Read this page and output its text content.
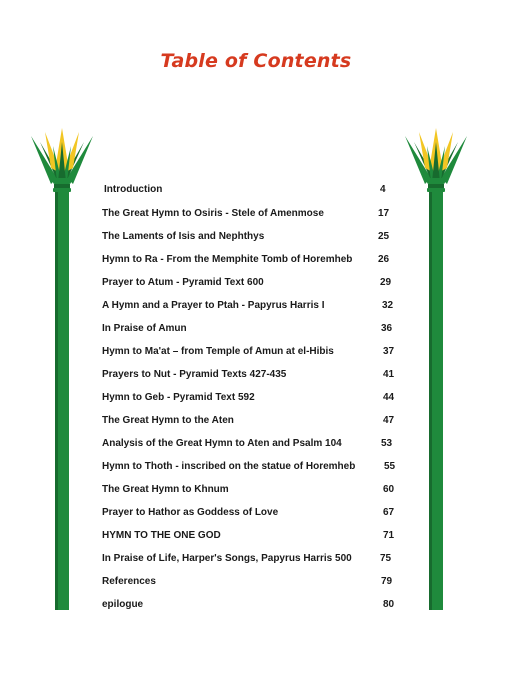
Table of Contents
Introduction	4
The Great Hymn to Osiris - Stele of Amenmose	17
The Laments of Isis and Nephthys	25
Hymn to Ra - From the Memphite Tomb of Horemheb	26
Prayer to Atum - Pyramid Text 600	29
A Hymn and a Prayer to Ptah - Papyrus Harris I	32
In Praise of Amun	36
Hymn to Ma'at – from Temple of Amun at el-Hibis	37
Prayers to Nut - Pyramid Texts 427-435	41
Hymn to Geb - Pyramid Text 592	44
The Great Hymn to the Aten	47
Analysis of the Great Hymn to Aten and Psalm 104	53
Hymn to Thoth - inscribed on the statue of Horemheb	55
The Great Hymn to Khnum	60
Prayer to Hathor as Goddess of Love	67
HYMN TO THE ONE GOD	71
In Praise of Life, Harper's Songs, Papyrus Harris 500	75
References	79
epilogue	80
